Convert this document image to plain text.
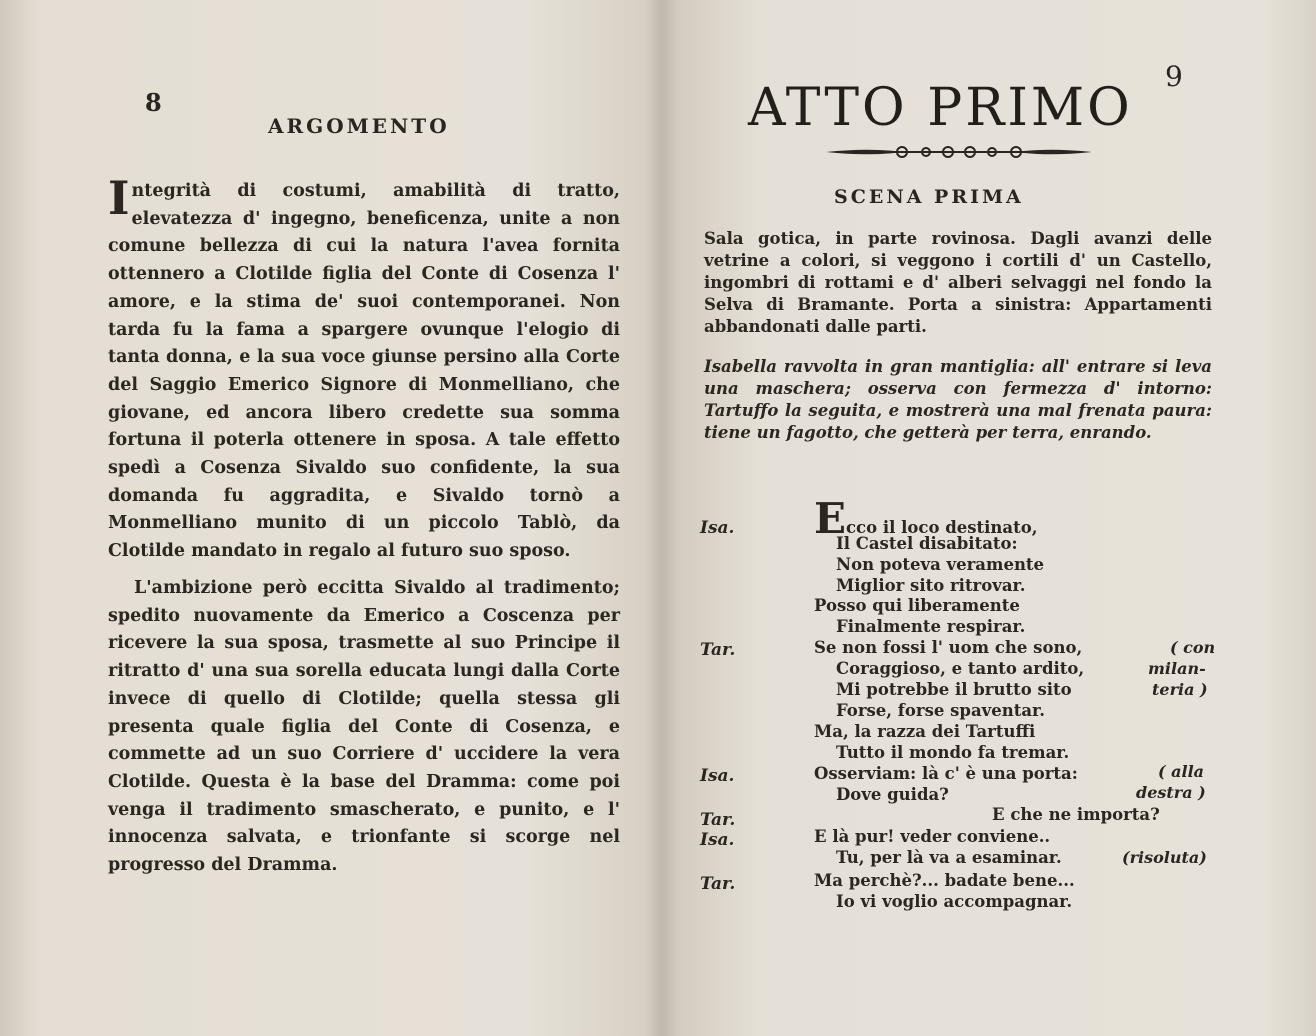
8
ARGOMENTO
Integrità di costumi, amabilità di tratto, elevatezza d' ingegno, beneficenza, unite a non comune bellezza di cui la natura l'avea fornita ottennero a Clotilde figlia del Conte di Cosenza l' amore, e la stima de' suoi contemporanei. Non tarda fu la fama a spargere ovunque l'elogio di tanta donna, e la sua voce giunse persino alla Corte del Saggio Emerico Signore di Monmelliano, che giovane, ed ancora libero credette sua somma fortuna il poterla ottenere in sposa. A tale effetto spedì a Cosenza Sivaldo suo confidente, la sua domanda fu aggradita, e Sivaldo tornò a Monmelliano munito di un piccolo Tablò, da Clotilde mandato in regalo al futuro suo sposo.
L'ambizione però eccitta Sivaldo al tradimento; spedito nuovamente da Emerico a Coscenza per ricevere la sua sposa, trasmette al suo Principe il ritratto d' una sua sorella educata lungi dalla Corte invece di quello di Clotilde; quella stessa gli presenta quale figlia del Conte di Cosenza, e commette ad un suo Corriere d' uccidere la vera Clotilde. Questa è la base del Dramma: come poi venga il tradimento smascherato, e punito, e l' innocenza salvata, e trionfante si scorge nel progresso del Dramma.
9
ATTO PRIMO
SCENA PRIMA
Sala gotica, in parte rovinosa. Dagli avanzi delle vetrine a colori, si veggono i cortili d' un Castello, ingombri di rottami e d' alberi selvaggi nel fondo la Selva di Bramante. Porta a sinistra: Appartamenti abbandonati dalle parti.
Isabella ravvolta in gran mantiglia: all' entrare si leva una maschera; osserva con fermezza d' intorno: Tartuffo la seguita, e mostrerà una mal frenata paura: tiene un fagotto, che getterà per terra, enrando.
Isa.
Tar.
Isa.
Tar.
Isa.
Tar.
Ecco il loco destinato,
Il Castel disabitato:
Non poteva veramente
Miglior sito ritrovar.
Posso qui liberamente
Finalmente respirar.
Se non fossi l' uom che sono,
Coraggioso, e tanto ardito,
Mi potrebbe il brutto sito
Forse, forse spaventar.
Ma, la razza dei Tartuffi
Tutto il mondo fa tremar.
Osserviam: là c' è una porta:
Dove guida?
E che ne importa?
E là pur! veder conviene..
Tu, per là va a esaminar.
Ma perchè?... badate bene...
Io vi voglio accompagnar.
( con
milan-
teria )
( alla
destra )
(risoluta)
